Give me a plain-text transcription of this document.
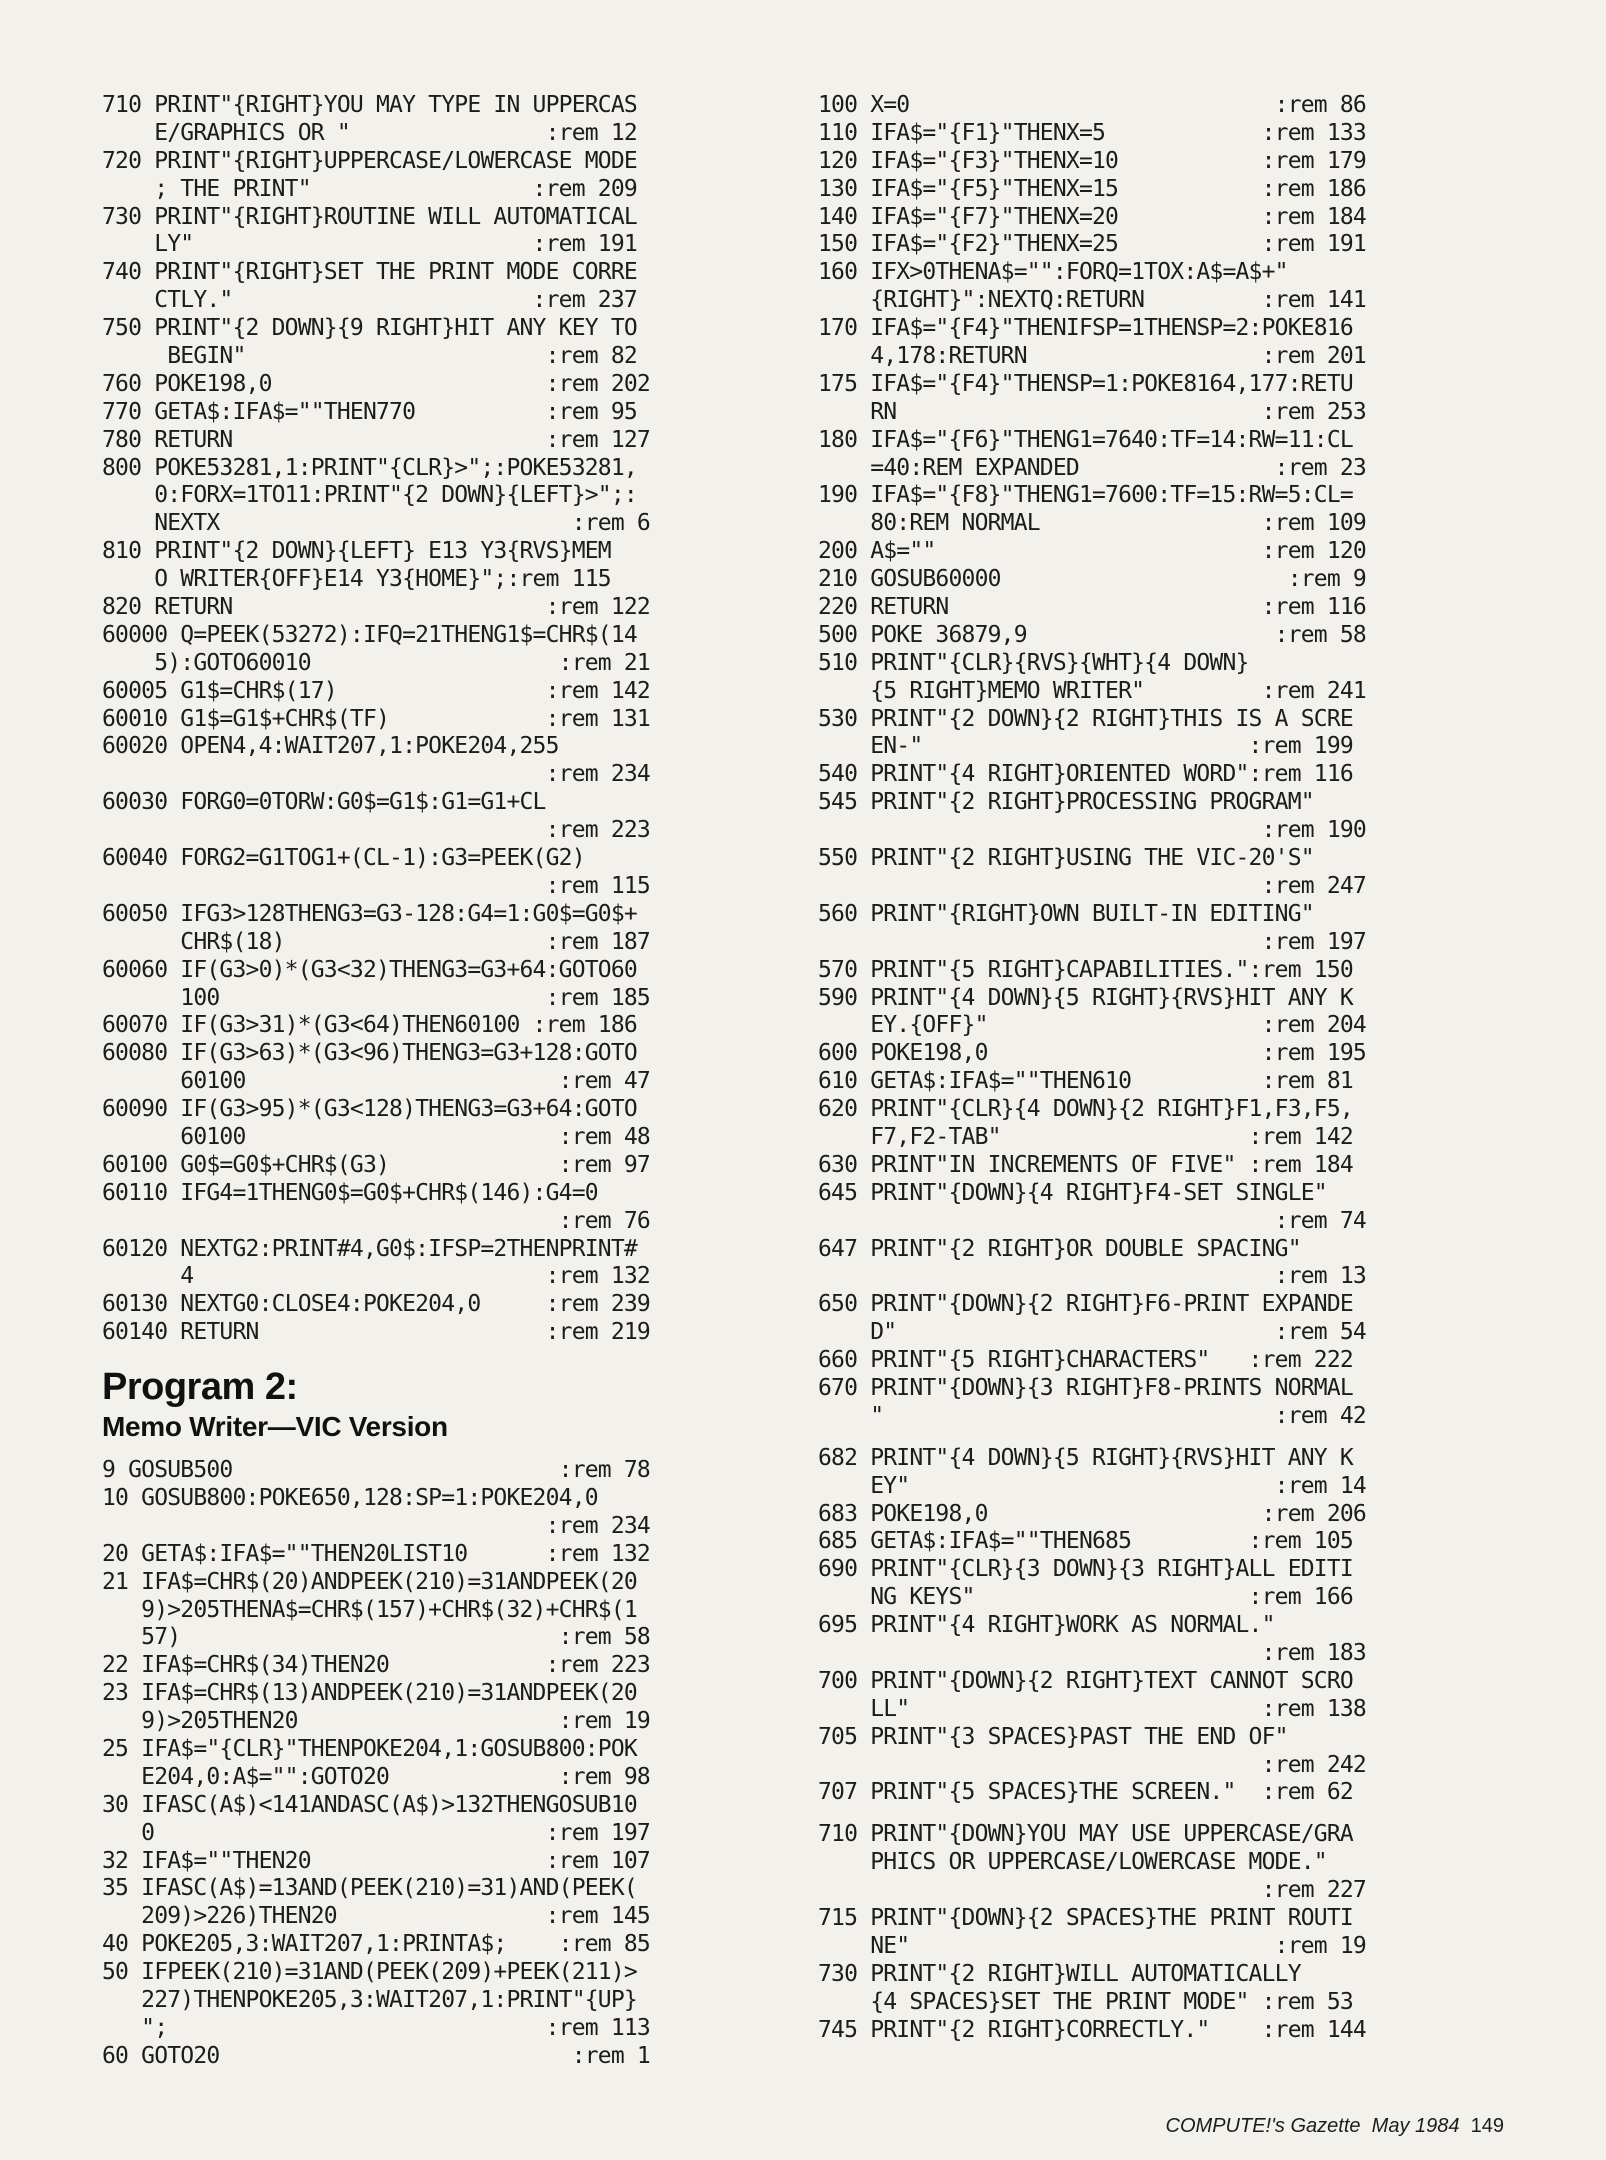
710 PRINT"{RIGHT}YOU MAY TYPE IN UPPERCAS
E/GRAPHICS OR "               :rem 12
720 PRINT"{RIGHT}UPPERCASE/LOWERCASE MODE
; THE PRINT"                 :rem 209
730 PRINT"{RIGHT}ROUTINE WILL AUTOMATICAL
LY"                          :rem 191
740 PRINT"{RIGHT}SET THE PRINT MODE CORRE
CTLY."                       :rem 237
750 PRINT"{2 DOWN}{9 RIGHT}HIT ANY KEY TO
BEGIN"                       :rem 82
760 POKE198,0                     :rem 202
770 GETA$:IFA$=""THEN770          :rem 95
780 RETURN                        :rem 127
800 POKE53281,1:PRINT"{CLR}>";:POKE53281,
0:FORX=1TO11:PRINT"{2 DOWN}{LEFT}>";:
NEXTX                           :rem 6
810 PRINT"{2 DOWN}{LEFT} E13 Y3{RVS}MEM
O WRITER{OFF}E14 Y3{HOME}";:rem 115
820 RETURN                        :rem 122
60000 Q=PEEK(53272):IFQ=21THENG1$=CHR$(14
5):GOTO60010                   :rem 21
60005 G1$=CHR$(17)                :rem 142
60010 G1$=G1$+CHR$(TF)            :rem 131
60020 OPEN4,4:WAIT207,1:POKE204,255
:rem 234
60030 FORG0=0TORW:G0$=G1$:G1=G1+CL
:rem 223
60040 FORG2=G1TOG1+(CL-1):G3=PEEK(G2)
:rem 115
60050 IFG3>128THENG3=G3-128:G4=1:G0$=G0$+
CHR$(18)                    :rem 187
60060 IF(G3>0)*(G3<32)THENG3=G3+64:GOTO60
100                         :rem 185
60070 IF(G3>31)*(G3<64)THEN60100 :rem 186
60080 IF(G3>63)*(G3<96)THENG3=G3+128:GOTO
60100                        :rem 47
60090 IF(G3>95)*(G3<128)THENG3=G3+64:GOTO
60100                        :rem 48
60100 G0$=G0$+CHR$(G3)             :rem 97
60110 IFG4=1THENG0$=G0$+CHR$(146):G4=0
:rem 76
60120 NEXTG2:PRINT#4,G0$:IFSP=2THENPRINT#
4                           :rem 132
60130 NEXTG0:CLOSE4:POKE204,0     :rem 239
60140 RETURN                      :rem 219
Program 2:
Memo Writer—VIC Version
9 GOSUB500                         :rem 78
10 GOSUB800:POKE650,128:SP=1:POKE204,0
:rem 234
20 GETA$:IFA$=""THEN20LIST10      :rem 132
21 IFA$=CHR$(20)ANDPEEK(210)=31ANDPEEK(20
9)>205THENA$=CHR$(157)+CHR$(32)+CHR$(1
57)                             :rem 58
22 IFA$=CHR$(34)THEN20            :rem 223
23 IFA$=CHR$(13)ANDPEEK(210)=31ANDPEEK(20
9)>205THEN20                    :rem 19
25 IFA$="{CLR}"THENPOKE204,1:GOSUB800:POK
E204,0:A$="":GOTO20             :rem 98
30 IFASC(A$)<141ANDASC(A$)>132THENGOSUB10
0                              :rem 197
32 IFA$=""THEN20                  :rem 107
35 IFASC(A$)=13AND(PEEK(210)=31)AND(PEEK(
209)>226)THEN20                :rem 145
40 POKE205,3:WAIT207,1:PRINTA$;    :rem 85
50 IFPEEK(210)=31AND(PEEK(209)+PEEK(211)>
227)THENPOKE205,3:WAIT207,1:PRINT"{UP}
";                             :rem 113
60 GOTO20                           :rem 1
100 X=0                            :rem 86
110 IFA$="{F1}"THENX=5            :rem 133
120 IFA$="{F3}"THENX=10           :rem 179
130 IFA$="{F5}"THENX=15           :rem 186
140 IFA$="{F7}"THENX=20           :rem 184
150 IFA$="{F2}"THENX=25           :rem 191
160 IFX>0THENA$="":FORQ=1TOX:A$=A$+"
{RIGHT}":NEXTQ:RETURN         :rem 141
170 IFA$="{F4}"THENIFSP=1THENSP=2:POKE816
4,178:RETURN                  :rem 201
175 IFA$="{F4}"THENSP=1:POKE8164,177:RETU
RN                            :rem 253
180 IFA$="{F6}"THENG1=7640:TF=14:RW=11:CL
=40:REM EXPANDED               :rem 23
190 IFA$="{F8}"THENG1=7600:TF=15:RW=5:CL=
80:REM NORMAL                 :rem 109
200 A$=""                         :rem 120
210 GOSUB60000                      :rem 9
220 RETURN                        :rem 116
500 POKE 36879,9                   :rem 58
510 PRINT"{CLR}{RVS}{WHT}{4 DOWN}
{5 RIGHT}MEMO WRITER"         :rem 241
530 PRINT"{2 DOWN}{2 RIGHT}THIS IS A SCRE
EN-"                         :rem 199
540 PRINT"{4 RIGHT}ORIENTED WORD":rem 116
545 PRINT"{2 RIGHT}PROCESSING PROGRAM"
:rem 190
550 PRINT"{2 RIGHT}USING THE VIC-20'S"
:rem 247
560 PRINT"{RIGHT}OWN BUILT-IN EDITING"
:rem 197
570 PRINT"{5 RIGHT}CAPABILITIES.":rem 150
590 PRINT"{4 DOWN}{5 RIGHT}{RVS}HIT ANY K
EY.{OFF}"                     :rem 204
600 POKE198,0                     :rem 195
610 GETA$:IFA$=""THEN610          :rem 81
620 PRINT"{CLR}{4 DOWN}{2 RIGHT}F1,F3,F5,
F7,F2-TAB"                   :rem 142
630 PRINT"IN INCREMENTS OF FIVE" :rem 184
645 PRINT"{DOWN}{4 RIGHT}F4-SET SINGLE"
:rem 74
647 PRINT"{2 RIGHT}OR DOUBLE SPACING"
:rem 13
650 PRINT"{DOWN}{2 RIGHT}F6-PRINT EXPANDE
D"                             :rem 54
660 PRINT"{5 RIGHT}CHARACTERS"   :rem 222
670 PRINT"{DOWN}{3 RIGHT}F8-PRINTS NORMAL
"                              :rem 42
682 PRINT"{4 DOWN}{5 RIGHT}{RVS}HIT ANY K
EY"                            :rem 14
683 POKE198,0                     :rem 206
685 GETA$:IFA$=""THEN685         :rem 105
690 PRINT"{CLR}{3 DOWN}{3 RIGHT}ALL EDITI
NG KEYS"                     :rem 166
695 PRINT"{4 RIGHT}WORK AS NORMAL."
:rem 183
700 PRINT"{DOWN}{2 RIGHT}TEXT CANNOT SCRO
LL"                           :rem 138
705 PRINT"{3 SPACES}PAST THE END OF"
:rem 242
707 PRINT"{5 SPACES}THE SCREEN."  :rem 62
710 PRINT"{DOWN}YOU MAY USE UPPERCASE/GRA
PHICS OR UPPERCASE/LOWERCASE MODE."
:rem 227
715 PRINT"{DOWN}{2 SPACES}THE PRINT ROUTI
NE"                            :rem 19
730 PRINT"{2 RIGHT}WILL AUTOMATICALLY
{4 SPACES}SET THE PRINT MODE" :rem 53
745 PRINT"{2 RIGHT}CORRECTLY."    :rem 144
COMPUTE!'s Gazette May 1984 149
